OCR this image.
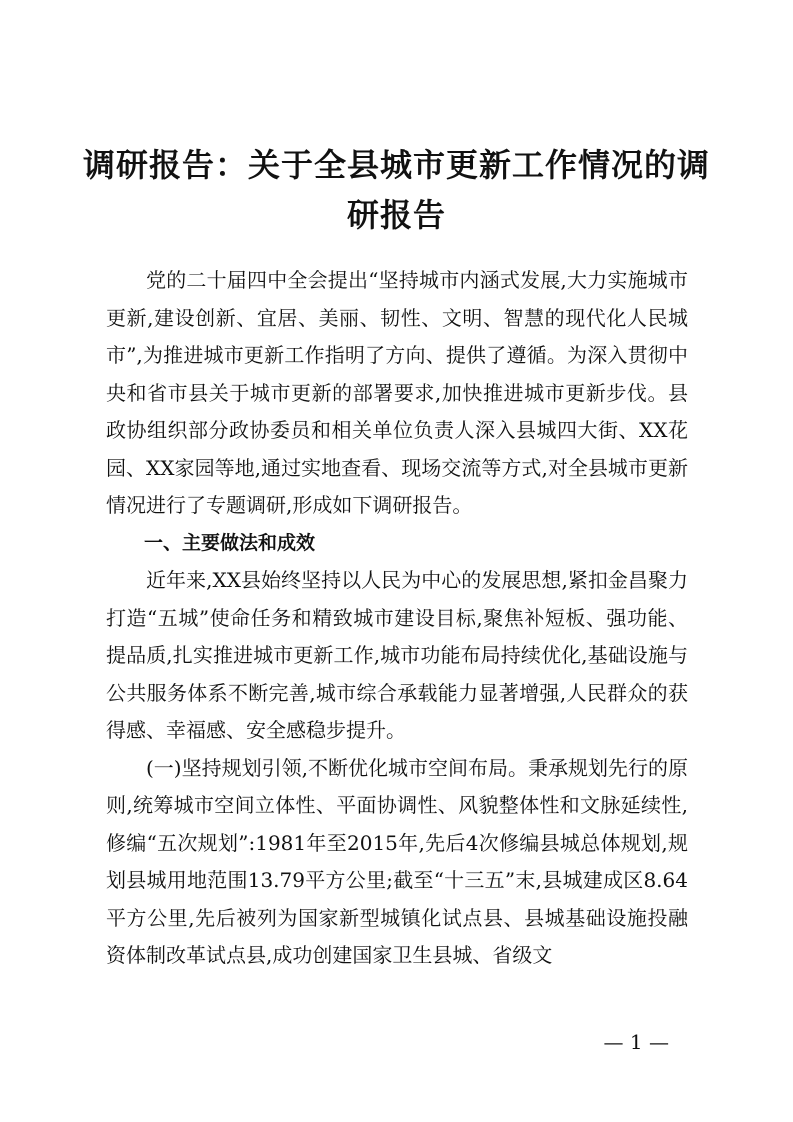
调研报告：关于全县城市更新工作情况的调研报告

党的二十届四中全会提出“坚持城市内涵式发展,大力实施城市更新,建设创新、宜居、美丽、韧性、文明、智慧的现代化人民城市”,为推进城市更新工作指明了方向、提供了遵循。为深入贯彻中央和省市县关于城市更新的部署要求,加快推进城市更新步伐。县政协组织部分政协委员和相关单位负责人深入县城四大街、XX花园、XX家园等地,通过实地查看、现场交流等方式,对全县城市更新情况进行了专题调研,形成如下调研报告。

一、主要做法和成效

近年来,XX县始终坚持以人民为中心的发展思想,紧扣金昌聚力打造“五城”使命任务和精致城市建设目标,聚焦补短板、强功能、提品质,扎实推进城市更新工作,城市功能布局持续优化,基础设施与公共服务体系不断完善,城市综合承载能力显著增强,人民群众的获得感、幸福感、安全感稳步提升。

(一)坚持规划引领,不断优化城市空间布局。秉承规划先行的原则,统筹城市空间立体性、平面协调性、风貌整体性和文脉延续性,修编“五次规划”:1981年至2015年,先后4次修编县城总体规划,规划县城用地范围13.79平方公里;截至“十三五”末,县城建成区8.64平方公里,先后被列为国家新型城镇化试点县、县城基础设施投融资体制改革试点县,成功创建国家卫生县城、省级文

— 1 —
